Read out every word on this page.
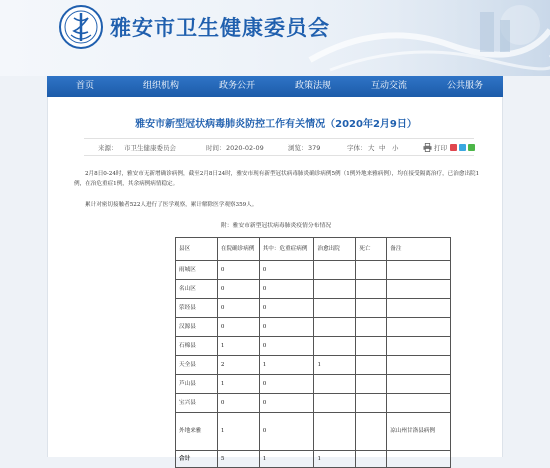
雅安市卫生健康委员会
首页	组织机构	政务公开	政策法规	互动交流	公共服务
雅安市新型冠状病毒肺炎防控工作有关情况（2020年2月9日）
来源： 市卫生健康委员会	时间： 2020-02-09	浏览： 379	字体： 大 中 小	打印

2月8日0-24时，雅安市无新增确诊病例，截至2月8日24时，雅安市现有新型冠状病毒肺炎确诊病例5例（1例外地来雅病例），均在接受隔离治疗，已治愈出院1例，在治危重症1例，其余病例病情稳定。

累计对密切接触者522人进行了医学观察，累计解除医学观察359人。

附：雅安市新型冠状病毒肺炎疫情分布情况
县区	在院确诊病例	其中：危重症病例	治愈出院	死亡	备注
雨城区	0	0			
名山区	0	0			
荥经县	0	0			
汉源县	0	0			
石棉县	1	0			
天全县	2	1	1		
芦山县	1	0			
宝兴县	0	0			
外地来雅	1	0			凉山州甘洛县病例
合计	5	1	1		
